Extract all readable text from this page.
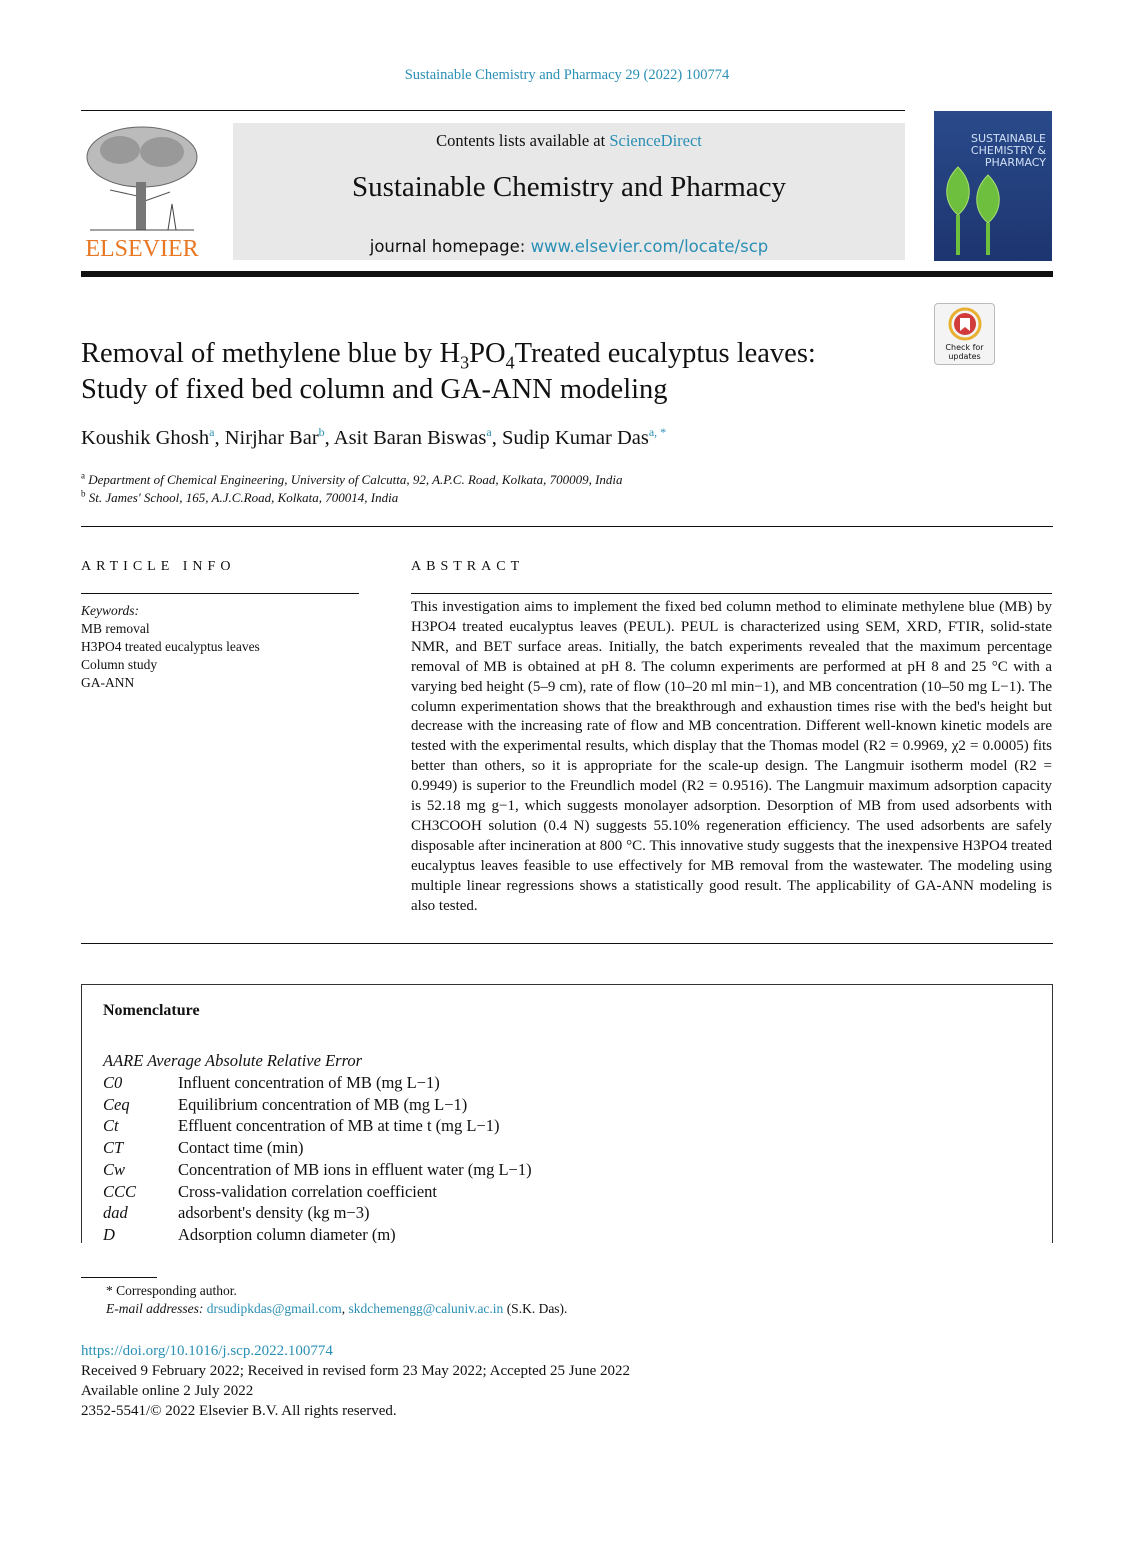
Sustainable Chemistry and Pharmacy 29 (2022) 100774
ELSEVIER
Contents lists available at ScienceDirect
Sustainable Chemistry and Pharmacy
journal homepage: www.elsevier.com/locate/scp
SUSTAINABLE
CHEMISTRY &
PHARMACY
Check for updates
Removal of methylene blue by $H_3PO_4Treated$ eucalyptus leaves:
Study of fixed bed column and GA-ANN modeling
Koushik Ghosh$^a$, Nirjhar Bar$^b$, Asit Baran Biswas$^a$, Sudip Kumar Das$^{a, *}$
$^a$ Department of Chemical Engineering, University of Calcutta, 92, A.P.C. Road, Kolkata, 700009, India
$^b$ St. James' School, 165, A.J.C.Road, Kolkata, 700014, India
ARTICLE INFO
Keywords:
MB removal
H3PO4 treated eucalyptus leaves
Column study
GA-ANN
ABSTRACT
This investigation aims to implement the fixed bed column method to eliminate methylene blue (MB) by H3PO4 treated eucalyptus leaves (PEUL). PEUL is characterized using SEM, XRD, FTIR, solid-state NMR, and BET surface areas. Initially, the batch experiments revealed that the maximum percentage removal of MB is obtained at pH 8. The column experiments are performed at pH 8 and 25 °C with a varying bed height (5–9 cm), rate of flow (10–20 ml min−1), and MB concentration (10–50 mg L−1). The column experimentation shows that the breakthrough and exhaustion times rise with the bed's height but decrease with the increasing rate of flow and MB concentration. Different well-known kinetic models are tested with the experimental results, which display that the Thomas model (R2 = 0.9969, χ2 = 0.0005) fits better than others, so it is appropriate for the scale-up design. The Langmuir isotherm model (R2 = 0.9949) is superior to the Freundlich model (R2 = 0.9516). The Langmuir maximum adsorption capacity is 52.18 mg g−1, which suggests monolayer adsorption. Desorption of MB from used adsorbents with CH3COOH solution (0.4 N) suggests 55.10% regeneration efficiency. The used adsorbents are safely disposable after incineration at 800 °C. This innovative study suggests that the inexpensive H3PO4 treated eucalyptus leaves feasible to use effectively for MB removal from the wastewater. The modeling using multiple linear regressions shows a statistically good result. The applicability of GA-ANN modeling is also tested.
Nomenclature
AARE Average Absolute Relative Error
C0	Influent concentration of MB (mg L−1)
Ceq	Equilibrium concentration of MB (mg L−1)
Ct	Effluent concentration of MB at time t (mg L−1)
CT	Contact time (min)
Cw	Concentration of MB ions in effluent water (mg L−1)
CCC	Cross-validation correlation coefficient
dad	adsorbent's density (kg m−3)
D	Adsorption column diameter (m)
* Corresponding author.
E-mail addresses: drsudipkdas@gmail.com, skdchemengg@caluniv.ac.in (S.K. Das).
https://doi.org/10.1016/j.scp.2022.100774
Received 9 February 2022; Received in revised form 23 May 2022; Accepted 25 June 2022
Available online 2 July 2022
2352-5541/© 2022 Elsevier B.V. All rights reserved.
